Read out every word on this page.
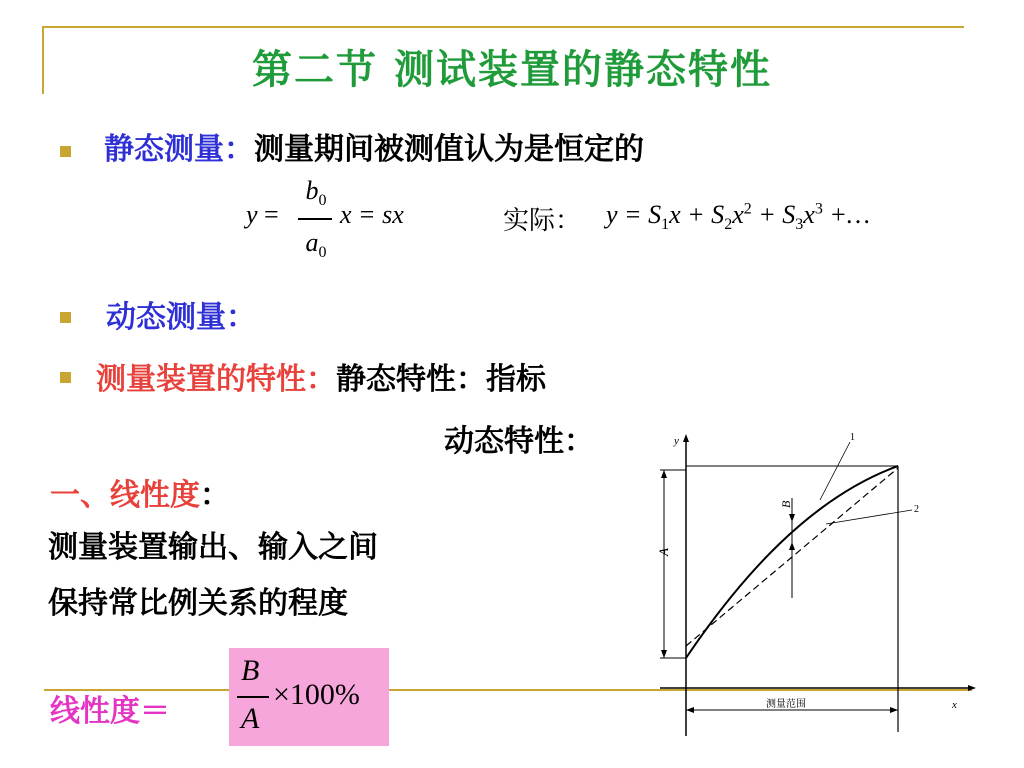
第二节 测试装置的静态特性
静态测量：测量期间被测值认为是恒定的
y =
$b_0$
$a_0$
x = sx	实际： $y = S_1x + S_2x^2 + S_3x^3$ +…
动态测量：
测量装置的特性：静态特性：指标
动态特性：
一、线性度：
测量装置输出、输入之间
保持常比例关系的程度
线性度＝
B
A
×100%
y
x
A
B
1
2
测量范围
